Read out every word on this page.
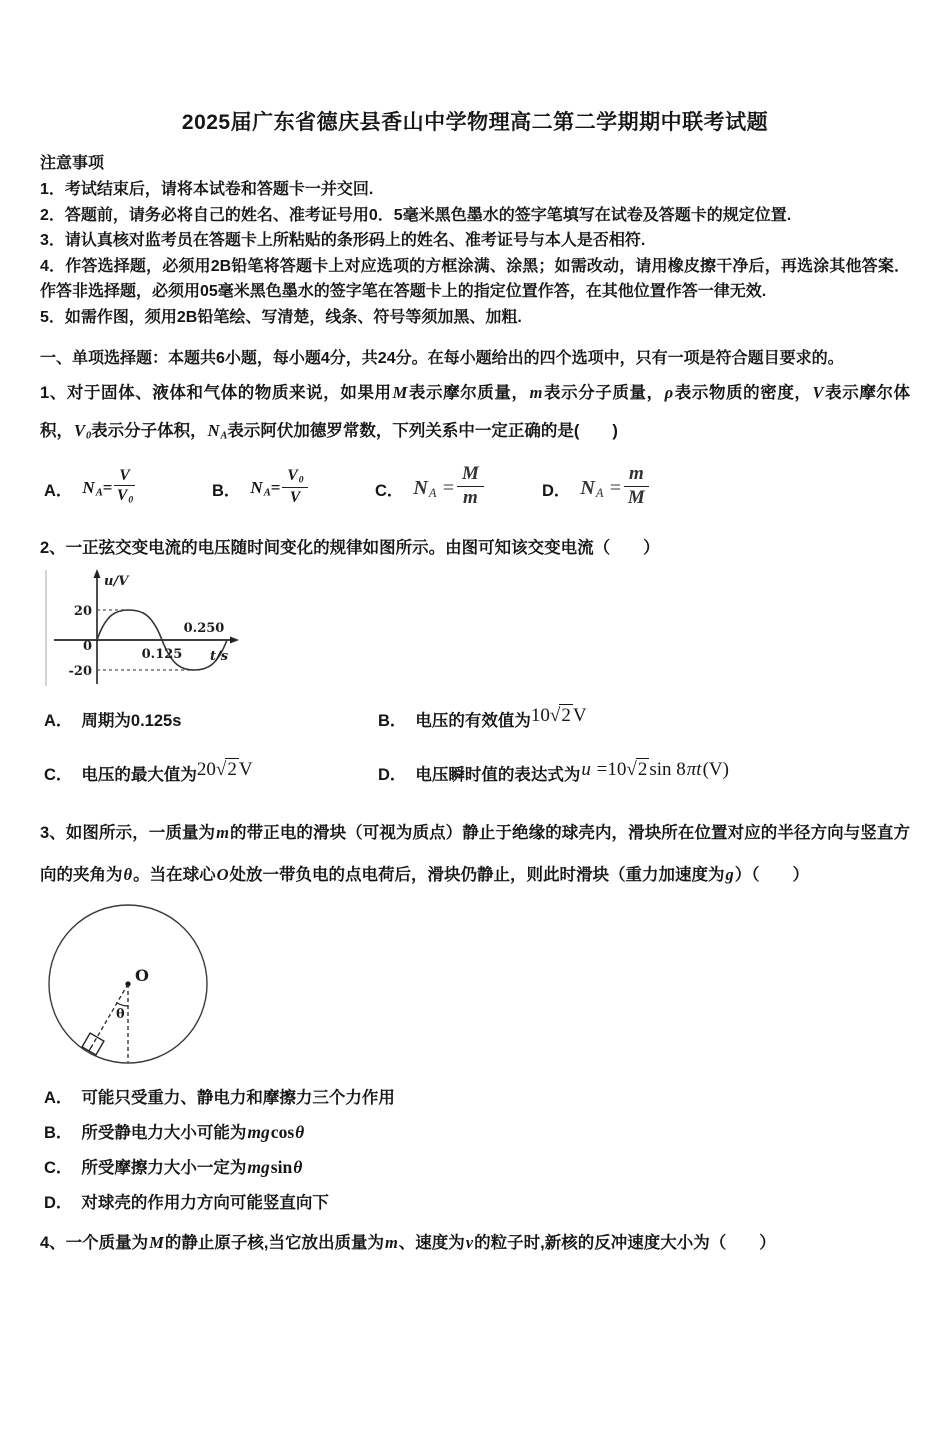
2025届广东省德庆县香山中学物理高二第二学期期中联考试题
注意事项

1．考试结束后，请将本试卷和答题卡一并交回.

2．答题前，请务必将自己的姓名、准考证号用0．5毫米黑色墨水的签字笔填写在试卷及答题卡的规定位置.

3．请认真核对监考员在答题卡上所粘贴的条形码上的姓名、准考证号与本人是否相符.

4．作答选择题，必须用2B铅笔将答题卡上对应选项的方框涂满、涂黑；如需改动，请用橡皮擦干净后，再选涂其他答案．作答非选择题，必须用05毫米黑色墨水的签字笔在答题卡上的指定位置作答，在其他位置作答一律无效.

5．如需作图，须用2B铅笔绘、写清楚，线条、符号等须加黑、加粗.

一、单项选择题：本题共6小题，每小题4分，共24分。在每小题给出的四个选项中，只有一项是符合题目要求的。

1、对于固体、液体和气体的物质来说，如果用M表示摩尔质量，m表示分子质量，ρ表示物质的密度，V表示摩尔体积，V0表示分子体积，NA表示阿伏加德罗常数，下列关系中一定正确的是(　　)

A． $NA= \frac{V}{V0}$	B． $NA= \frac{V0}{V}$	C． NA = $\frac{M}{m}$	D． NA = $\frac{m}{M}$

2、一正弦交变电流的电压随时间变化的规律如图所示。由图可知该交变电流（　　）

u/V
20
0
-20
0.125
0.250
t/s
A． 周期为0.125s	B． 电压的有效值为10√2 V
C． 电压的最大值为20√2 V	D． 电压瞬时值的表达式为u =10√2 sin 8πt(V)

3、如图所示，一质量为m的带正电的滑块（可视为质点）静止于绝缘的球壳内，滑块所在位置对应的半径方向与竖直方向的夹角为θ。当在球心O处放一带负电的点电荷后，滑块仍静止，则此时滑块（重力加速度为g）（　　）

O
θ

A． 可能只受重力、静电力和摩擦力三个力作用

B． 所受静电力大小可能为mgcosθ

C． 所受摩擦力大小一定为mgsinθ

D． 对球壳的作用力方向可能竖直向下

4、一个质量为M的静止原子核,当它放出质量为m、速度为v的粒子时,新核的反冲速度大小为（　　）
